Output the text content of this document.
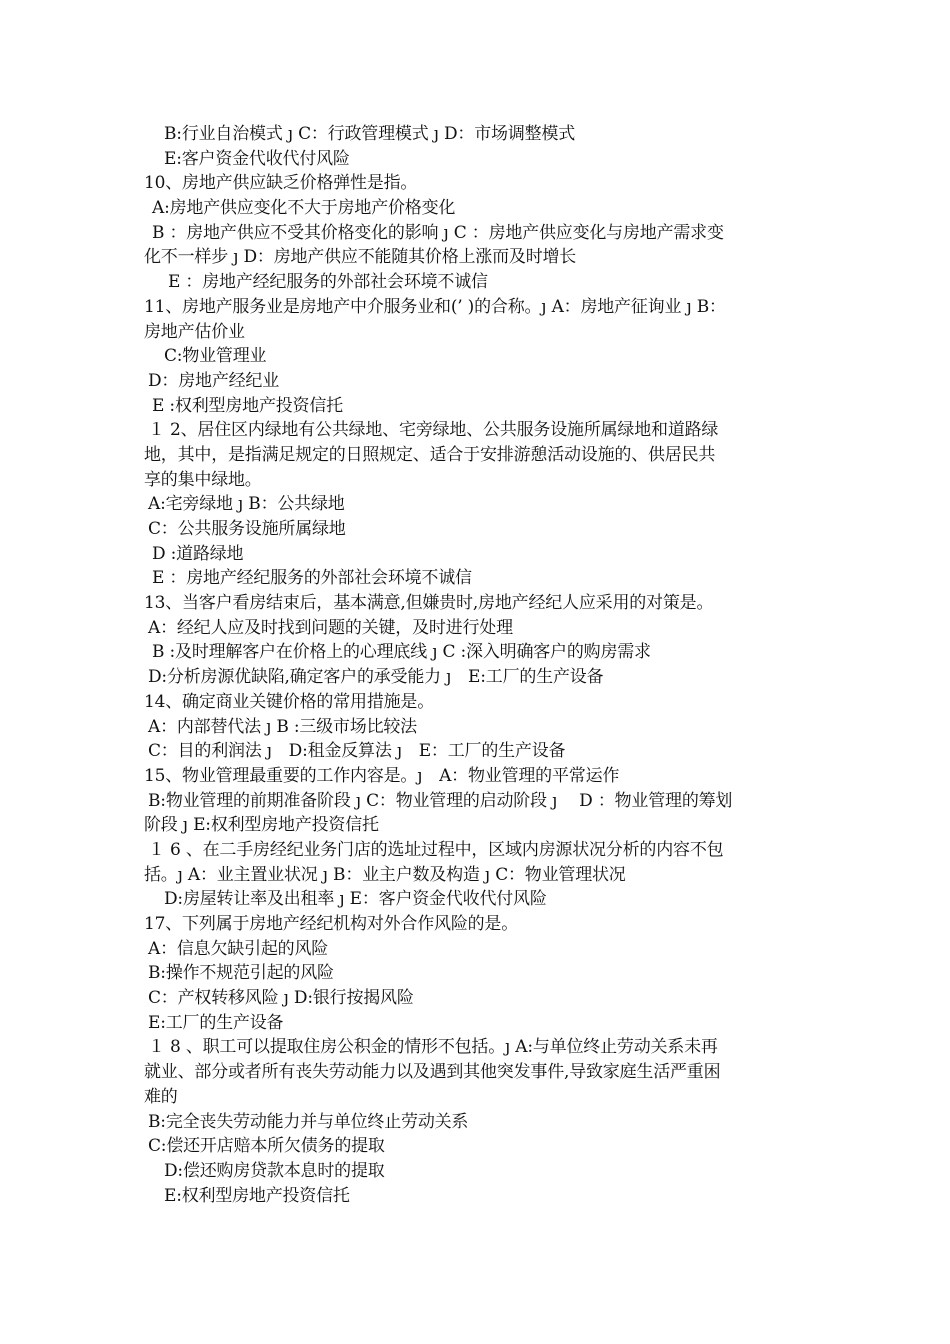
B:行业自治模式 ȷ C：行政管理模式 ȷ D：市场调整模式
E:客户资金代收代付风险
10、房地产供应缺乏价格弹性是指。
A:房地产供应变化不大于房地产价格变化
B ：房地产供应不受其价格变化的影响 ȷ C ：房地产供应变化与房地产需求变
化不一样步 ȷ D：房地产供应不能随其价格上涨而及时增长
E ：房地产经纪服务的外部社会环境不诚信
11、房地产服务业是房地产中介服务业和(’ )的合称。ȷ A：房地产征询业 ȷ B：
房地产估价业
C:物业管理业
D：房地产经纪业
E :权利型房地产投资信托
１ 2、居住区内绿地有公共绿地、宅旁绿地、公共服务设施所属绿地和道路绿
地，其中，是指满足规定的日照规定、适合于安排游憩活动设施的、供居民共
享的集中绿地。
A:宅旁绿地 ȷ B：公共绿地
C：公共服务设施所属绿地
D :道路绿地
E ：房地产经纪服务的外部社会环境不诚信
13、当客户看房结束后，基本满意,但嫌贵时,房地产经纪人应采用的对策是。
A：经纪人应及时找到问题的关键，及时进行处理
B :及时理解客户在价格上的心理底线 ȷ C :深入明确客户的购房需求
D:分析房源优缺陷,确定客户的承受能力 ȷ　E:工厂的生产设备
14、确定商业关键价格的常用措施是。
A：内部替代法 ȷ B :三级市场比较法
C：目的利润法 ȷ　D:租金反算法 ȷ　E：工厂的生产设备
15、物业管理最重要的工作内容是。ȷ　A：物业管理的平常运作
B:物业管理的前期准备阶段 ȷ C：物业管理的启动阶段 ȷ　 D ：物业管理的筹划
阶段 ȷ E:权利型房地产投资信托
１ 6 、在二手房经纪业务门店的选址过程中，区域内房源状况分析的内容不包
括。ȷ A：业主置业状况 ȷ B：业主户数及构造 ȷ C：物业管理状况
D:房屋转让率及出租率 ȷ E：客户资金代收代付风险
17、下列属于房地产经纪机构对外合作风险的是。
A：信息欠缺引起的风险
B:操作不规范引起的风险
C：产权转移风险 ȷ D:银行按揭风险
E:工厂的生产设备
１ 8 、职工可以提取住房公积金的情形不包括。ȷ A:与单位终止劳动关系未再
就业、部分或者所有丧失劳动能力以及遇到其他突发事件,导致家庭生活严重困
难的
B:完全丧失劳动能力并与单位终止劳动关系
C:偿还开店赔本所欠债务的提取
D:偿还购房贷款本息时的提取
E:权利型房地产投资信托
